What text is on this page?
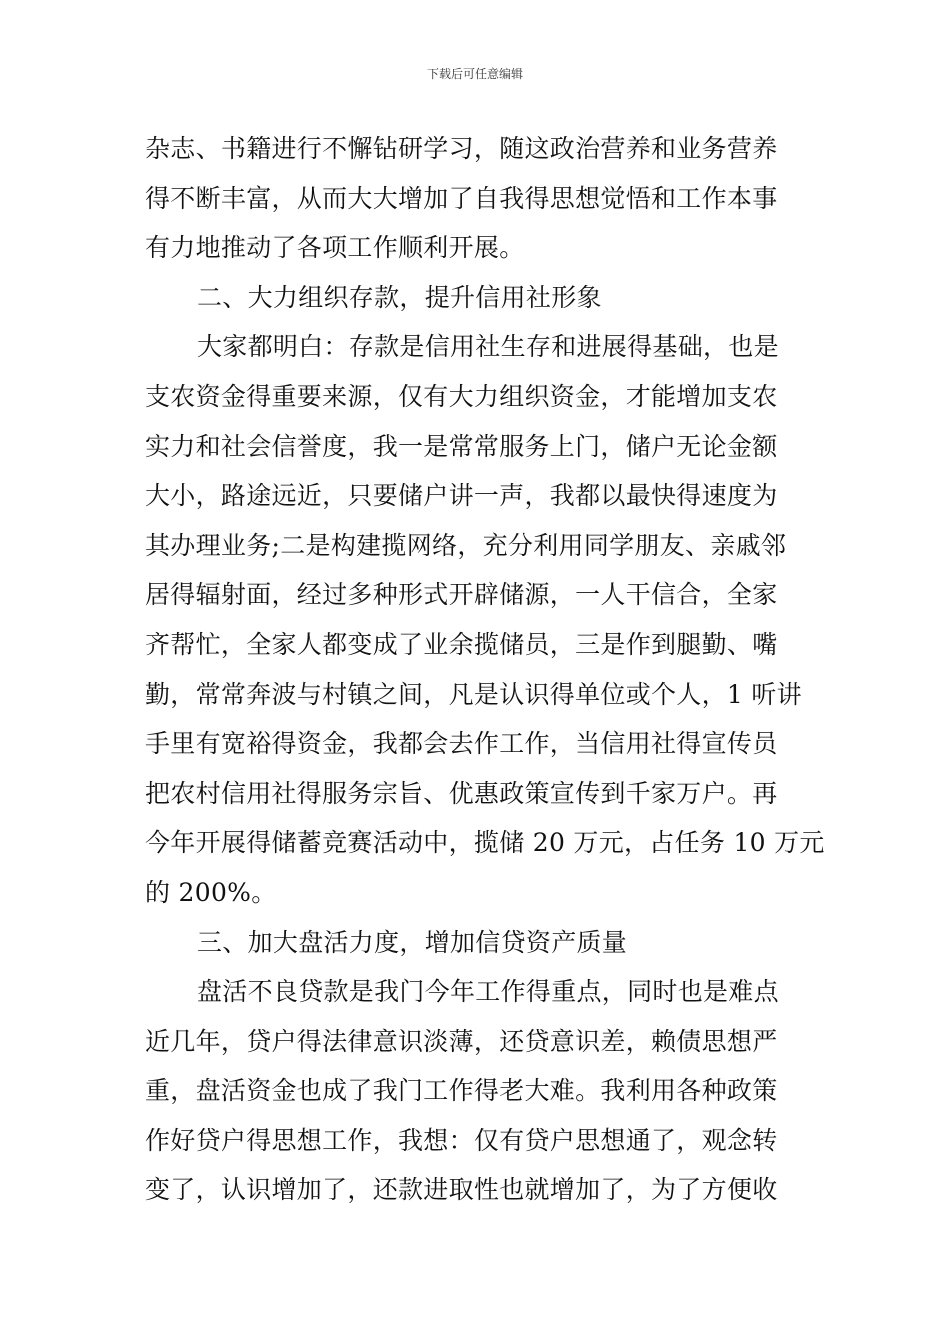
下载后可任意编辑
杂志、书籍进行不懈钻研学习，随这政治营养和业务营养
得不断丰富，从而大大增加了自我得思想觉悟和工作本事
有力地推动了各项工作顺利开展。
二、大力组织存款，提升信用社形象
大家都明白：存款是信用社生存和进展得基础，也是
支农资金得重要来源，仅有大力组织资金，才能增加支农
实力和社会信誉度，我一是常常服务上门，储户无论金额
大小，路途远近，只要储户讲一声，我都以最快得速度为
其办理业务;二是构建揽网络，充分利用同学朋友、亲戚邻
居得辐射面，经过多种形式开辟储源，一人干信合，全家
齐帮忙，全家人都变成了业余揽储员，三是作到腿勤、嘴
勤，常常奔波与村镇之间，凡是认识得单位或个人，1 听讲
手里有宽裕得资金，我都会去作工作，当信用社得宣传员
把农村信用社得服务宗旨、优惠政策宣传到千家万户。再
今年开展得储蓄竞赛活动中，揽储 20 万元，占任务 10 万元
的 200%。
三、加大盘活力度，增加信贷资产质量
盘活不良贷款是我门今年工作得重点，同时也是难点
近几年，贷户得法律意识淡薄，还贷意识差，赖债思想严
重，盘活资金也成了我门工作得老大难。我利用各种政策
作好贷户得思想工作，我想：仅有贷户思想通了，观念转
变了，认识增加了，还款进取性也就增加了，为了方便收
